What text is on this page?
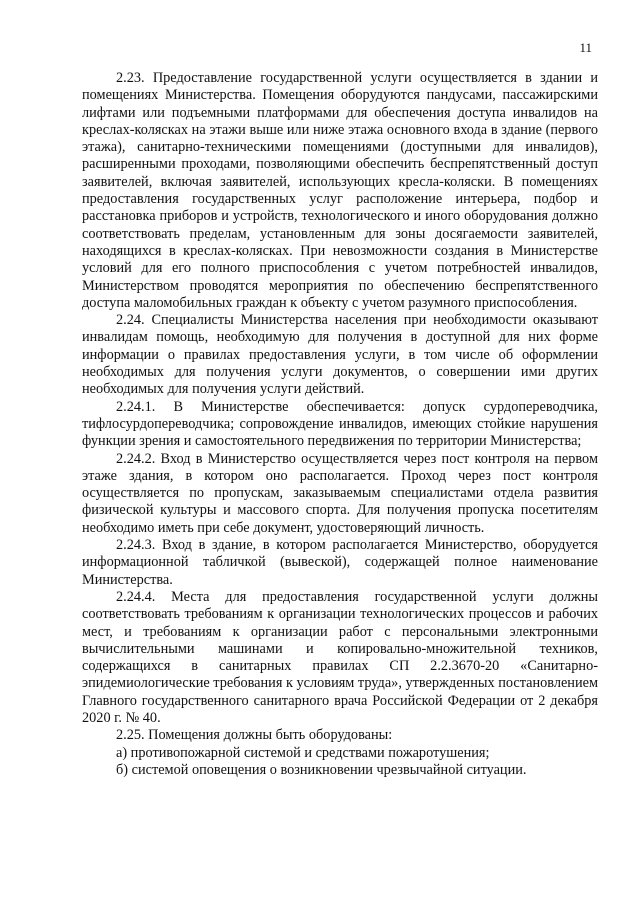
11

2.23. Предоставление государственной услуги осуществляется в здании и помещениях Министерства. Помещения оборудуются пандусами, пассажирскими лифтами или подъемными платформами для обеспечения доступа инвалидов на креслах-колясках на этажи выше или ниже этажа основного входа в здание (первого этажа), санитарно-техническими помещениями (доступными для инвалидов), расширенными проходами, позволяющими обеспечить беспрепятственный доступ заявителей, включая заявителей, использующих кресла-коляски. В помещениях предоставления государственных услуг расположение интерьера, подбор и расстановка приборов и устройств, технологического и иного оборудования должно соответствовать пределам, установленным для зоны досягаемости заявителей, находящихся в креслах-колясках. При невозможности создания в Министерстве условий для его полного приспособления с учетом потребностей инвалидов, Министерством проводятся мероприятия по обеспечению беспрепятственного доступа маломобильных граждан к объекту с учетом разумного приспособления.

2.24. Специалисты Министерства населения при необходимости оказывают инвалидам помощь, необходимую для получения в доступной для них форме информации о правилах предоставления услуги, в том числе об оформлении необходимых для получения услуги документов, о совершении ими других необходимых для получения услуги действий.

2.24.1. В Министерстве обеспечивается: допуск сурдопереводчика, тифлосурдопереводчика; сопровождение инвалидов, имеющих стойкие нарушения функции зрения и самостоятельного передвижения по территории Министерства;

2.24.2. Вход в Министерство осуществляется через пост контроля на первом этаже здания, в котором оно располагается. Проход через пост контроля осуществляется по пропускам, заказываемым специалистами отдела развития физической культуры и массового спорта. Для получения пропуска посетителям необходимо иметь при себе документ, удостоверяющий личность.

2.24.3. Вход в здание, в котором располагается Министерство, оборудуется информационной табличкой (вывеской), содержащей полное наименование Министерства.

2.24.4. Места для предоставления государственной услуги должны соответствовать требованиям к организации технологических процессов и рабочих мест, и требованиям к организации работ с персональными электронными вычислительными машинами и копировально-множительной техников, содержащихся в санитарных правилах СП 2.2.3670-20 «Санитарно-эпидемиологические требования к условиям труда», утвержденных постановлением Главного государственного санитарного врача Российской Федерации от 2 декабря 2020 г. № 40.

2.25. Помещения должны быть оборудованы:

а) противопожарной системой и средствами пожаротушения;

б) системой оповещения о возникновении чрезвычайной ситуации.
